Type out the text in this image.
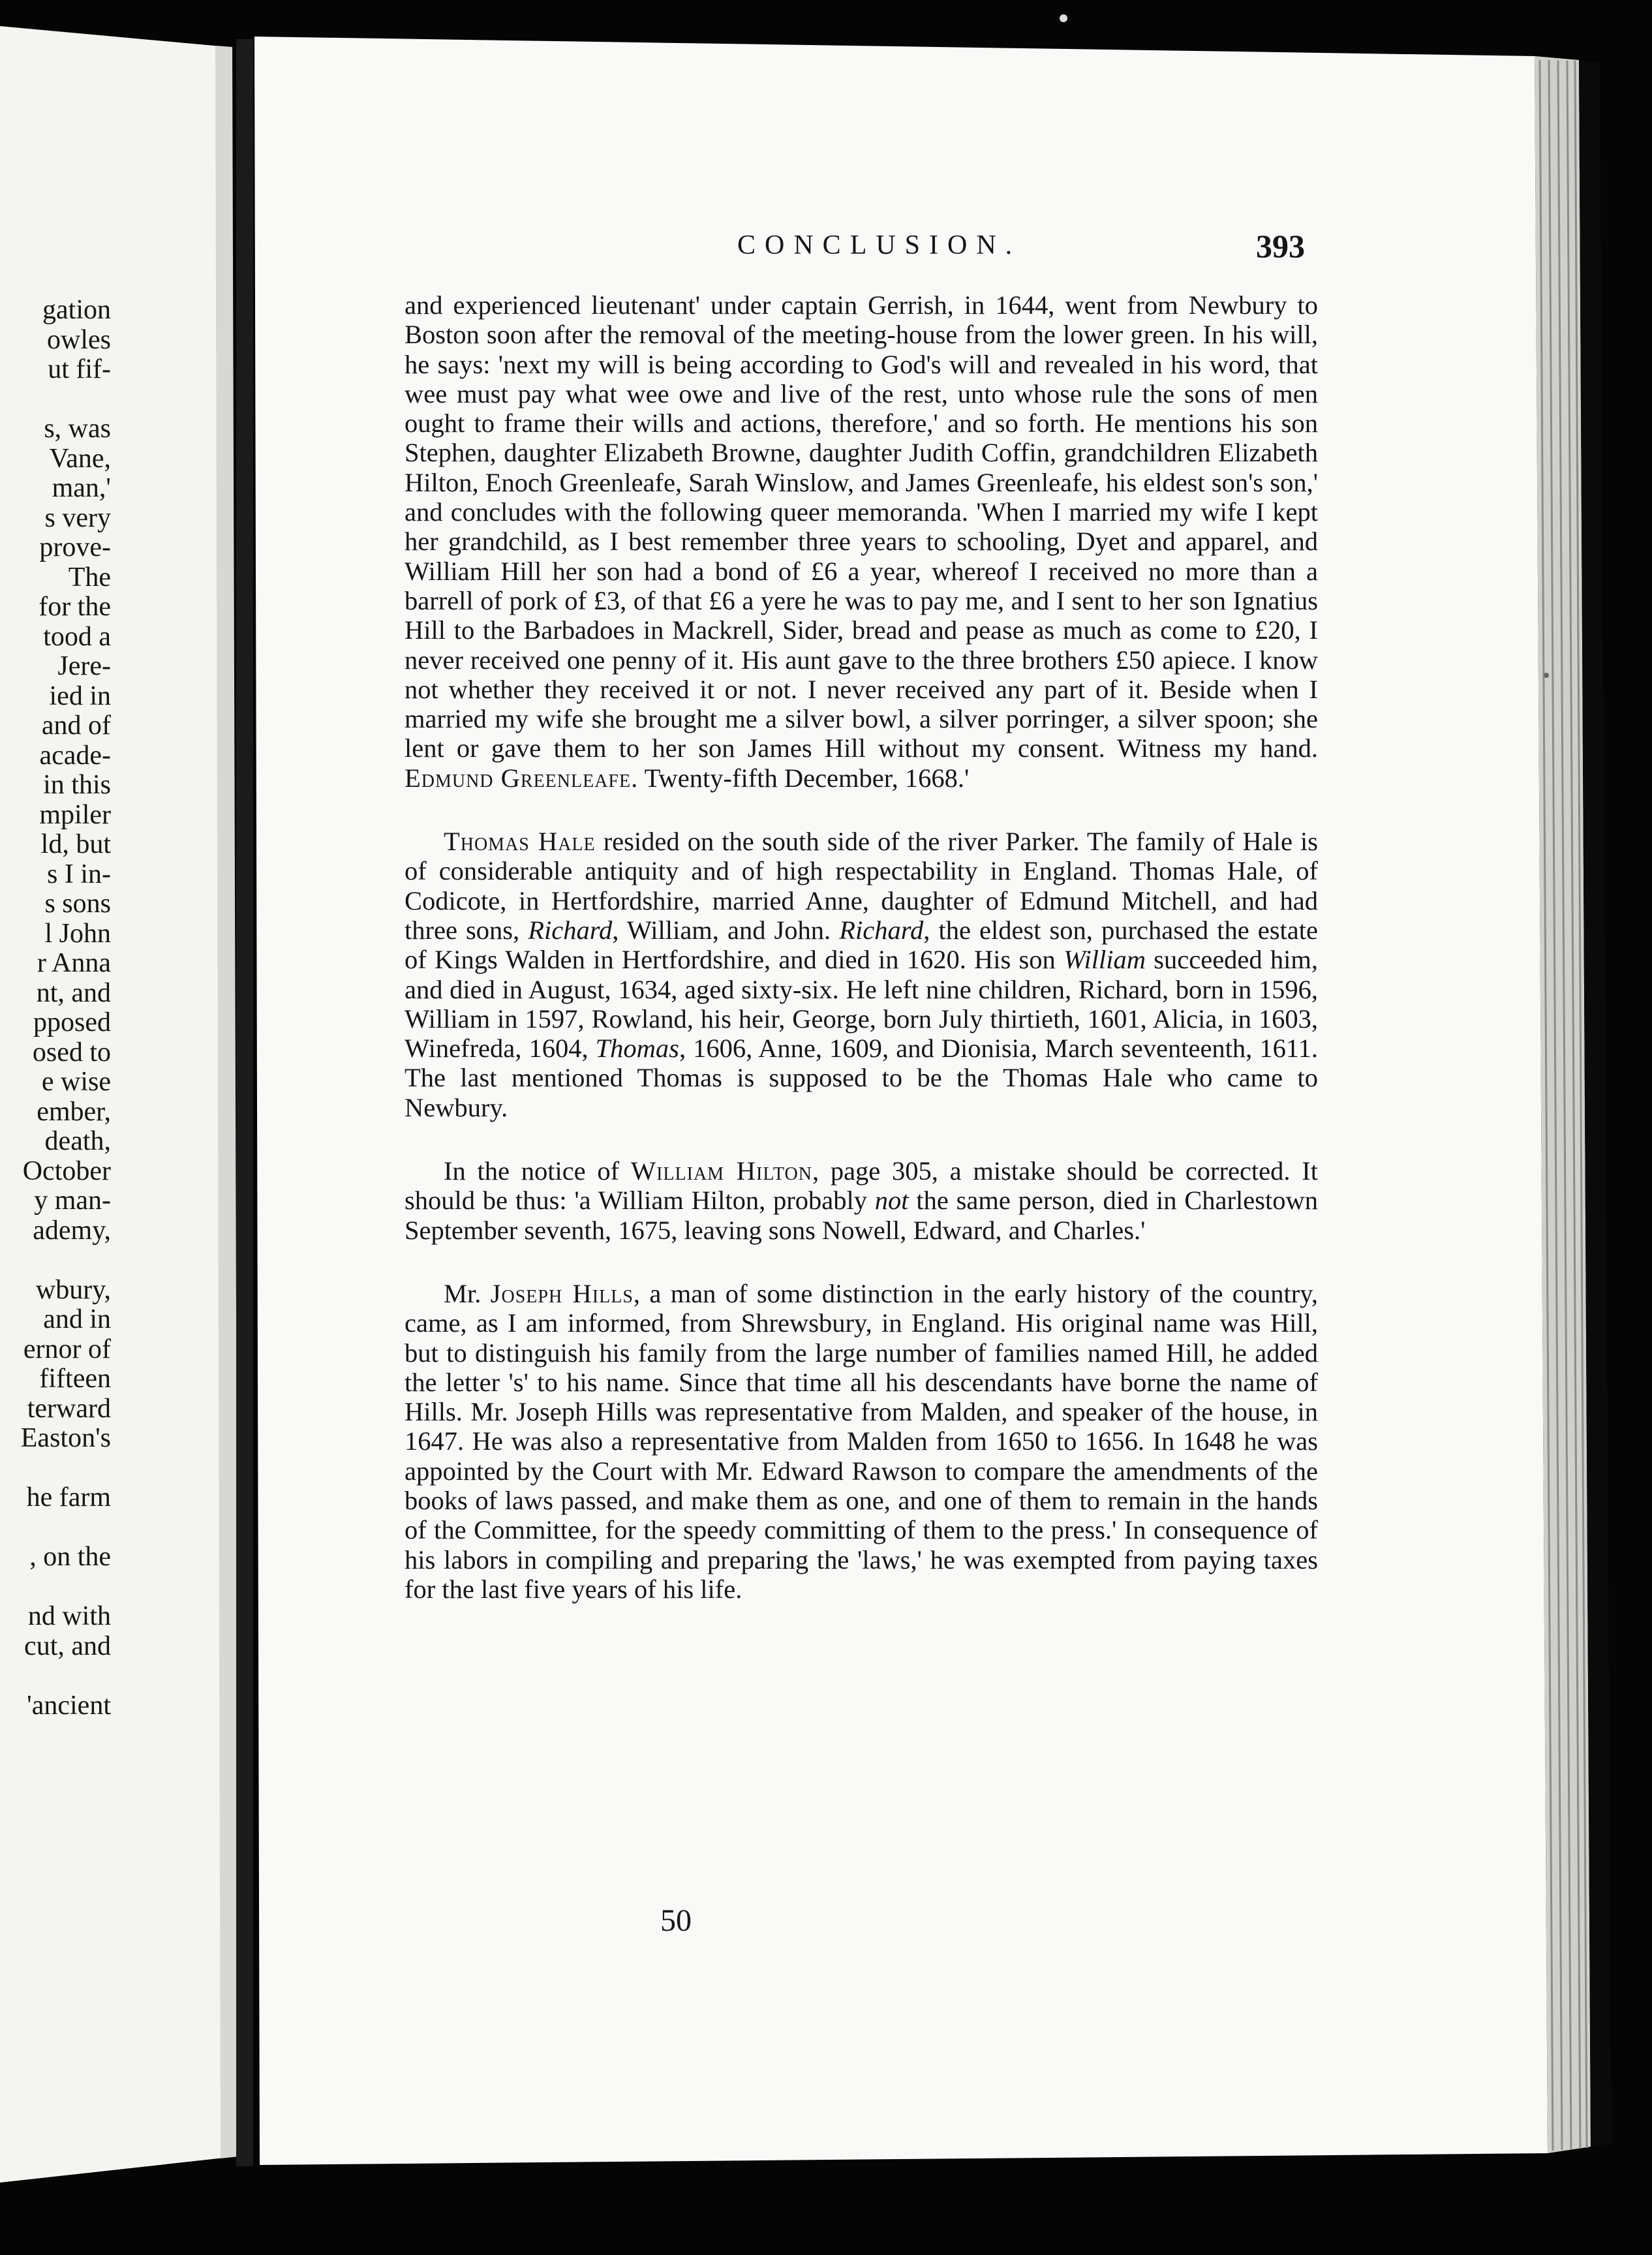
gation
owles
ut fif-
s, was
Vane,
man,'
s very
prove-
The
for the
tood a
Jere-
ied in
and of
acade-
in this
mpiler
ld, but
s I in-
s sons
l John
r Anna
nt, and
pposed
osed to
e wise
ember,
death,
October
y man-
ademy,
wbury,
and in
ernor of
fifteen
terward
Easton's
he farm
, on the
nd with
cut, and
'ancient
CONCLUSION.	393

and experienced lieutenant' under captain Gerrish, in 1644, went from Newbury to Boston soon after the removal of the meeting-house from the lower green. In his will, he says: 'next my will is being according to God's will and revealed in his word, that wee must pay what wee owe and live of the rest, unto whose rule the sons of men ought to frame their wills and actions, therefore,' and so forth. He mentions his son Stephen, daughter Elizabeth Browne, daughter Judith Coffin, grandchildren Elizabeth Hilton, Enoch Greenleafe, Sarah Winslow, and James Greenleafe, his eldest son's son,' and concludes with the following queer memoranda. 'When I married my wife I kept her grandchild, as I best remember three years to schooling, Dyet and apparel, and William Hill her son had a bond of £6 a year, whereof I received no more than a barrell of pork of £3, of that £6 a yere he was to pay me, and I sent to her son Ignatius Hill to the Barbadoes in Mackrell, Sider, bread and pease as much as come to £20, I never received one penny of it. His aunt gave to the three brothers £50 apiece. I know not whether they received it or not. I never received any part of it. Beside when I married my wife she brought me a silver bowl, a silver porringer, a silver spoon; she lent or gave them to her son James Hill without my consent. Witness my hand. Edmund Greenleafe. Twenty-fifth December, 1668.'

Thomas Hale resided on the south side of the river Parker. The family of Hale is of considerable antiquity and of high respectability in England. Thomas Hale, of Codicote, in Hertfordshire, married Anne, daughter of Edmund Mitchell, and had three sons, Richard, William, and John. Richard, the eldest son, purchased the estate of Kings Walden in Hertfordshire, and died in 1620. His son William succeeded him, and died in August, 1634, aged sixty-six. He left nine children, Richard, born in 1596, William in 1597, Rowland, his heir, George, born July thirtieth, 1601, Alicia, in 1603, Winefreda, 1604, Thomas, 1606, Anne, 1609, and Dionisia, March seventeenth, 1611. The last mentioned Thomas is supposed to be the Thomas Hale who came to Newbury.

In the notice of William Hilton, page 305, a mistake should be corrected. It should be thus: 'a William Hilton, probably not the same person, died in Charlestown September seventh, 1675, leaving sons Nowell, Edward, and Charles.'

Mr. Joseph Hills, a man of some distinction in the early history of the country, came, as I am informed, from Shrewsbury, in England. His original name was Hill, but to distinguish his family from the large number of families named Hill, he added the letter 's' to his name. Since that time all his descendants have borne the name of Hills. Mr. Joseph Hills was representative from Malden, and speaker of the house, in 1647. He was also a representative from Malden from 1650 to 1656. In 1648 he was appointed by the Court with Mr. Edward Rawson to compare the amendments of the books of laws passed, and make them as one, and one of them to remain in the hands of the Committee, for the speedy committing of them to the press.' In consequence of his labors in compiling and preparing the 'laws,' he was exempted from paying taxes for the last five years of his life.

50
